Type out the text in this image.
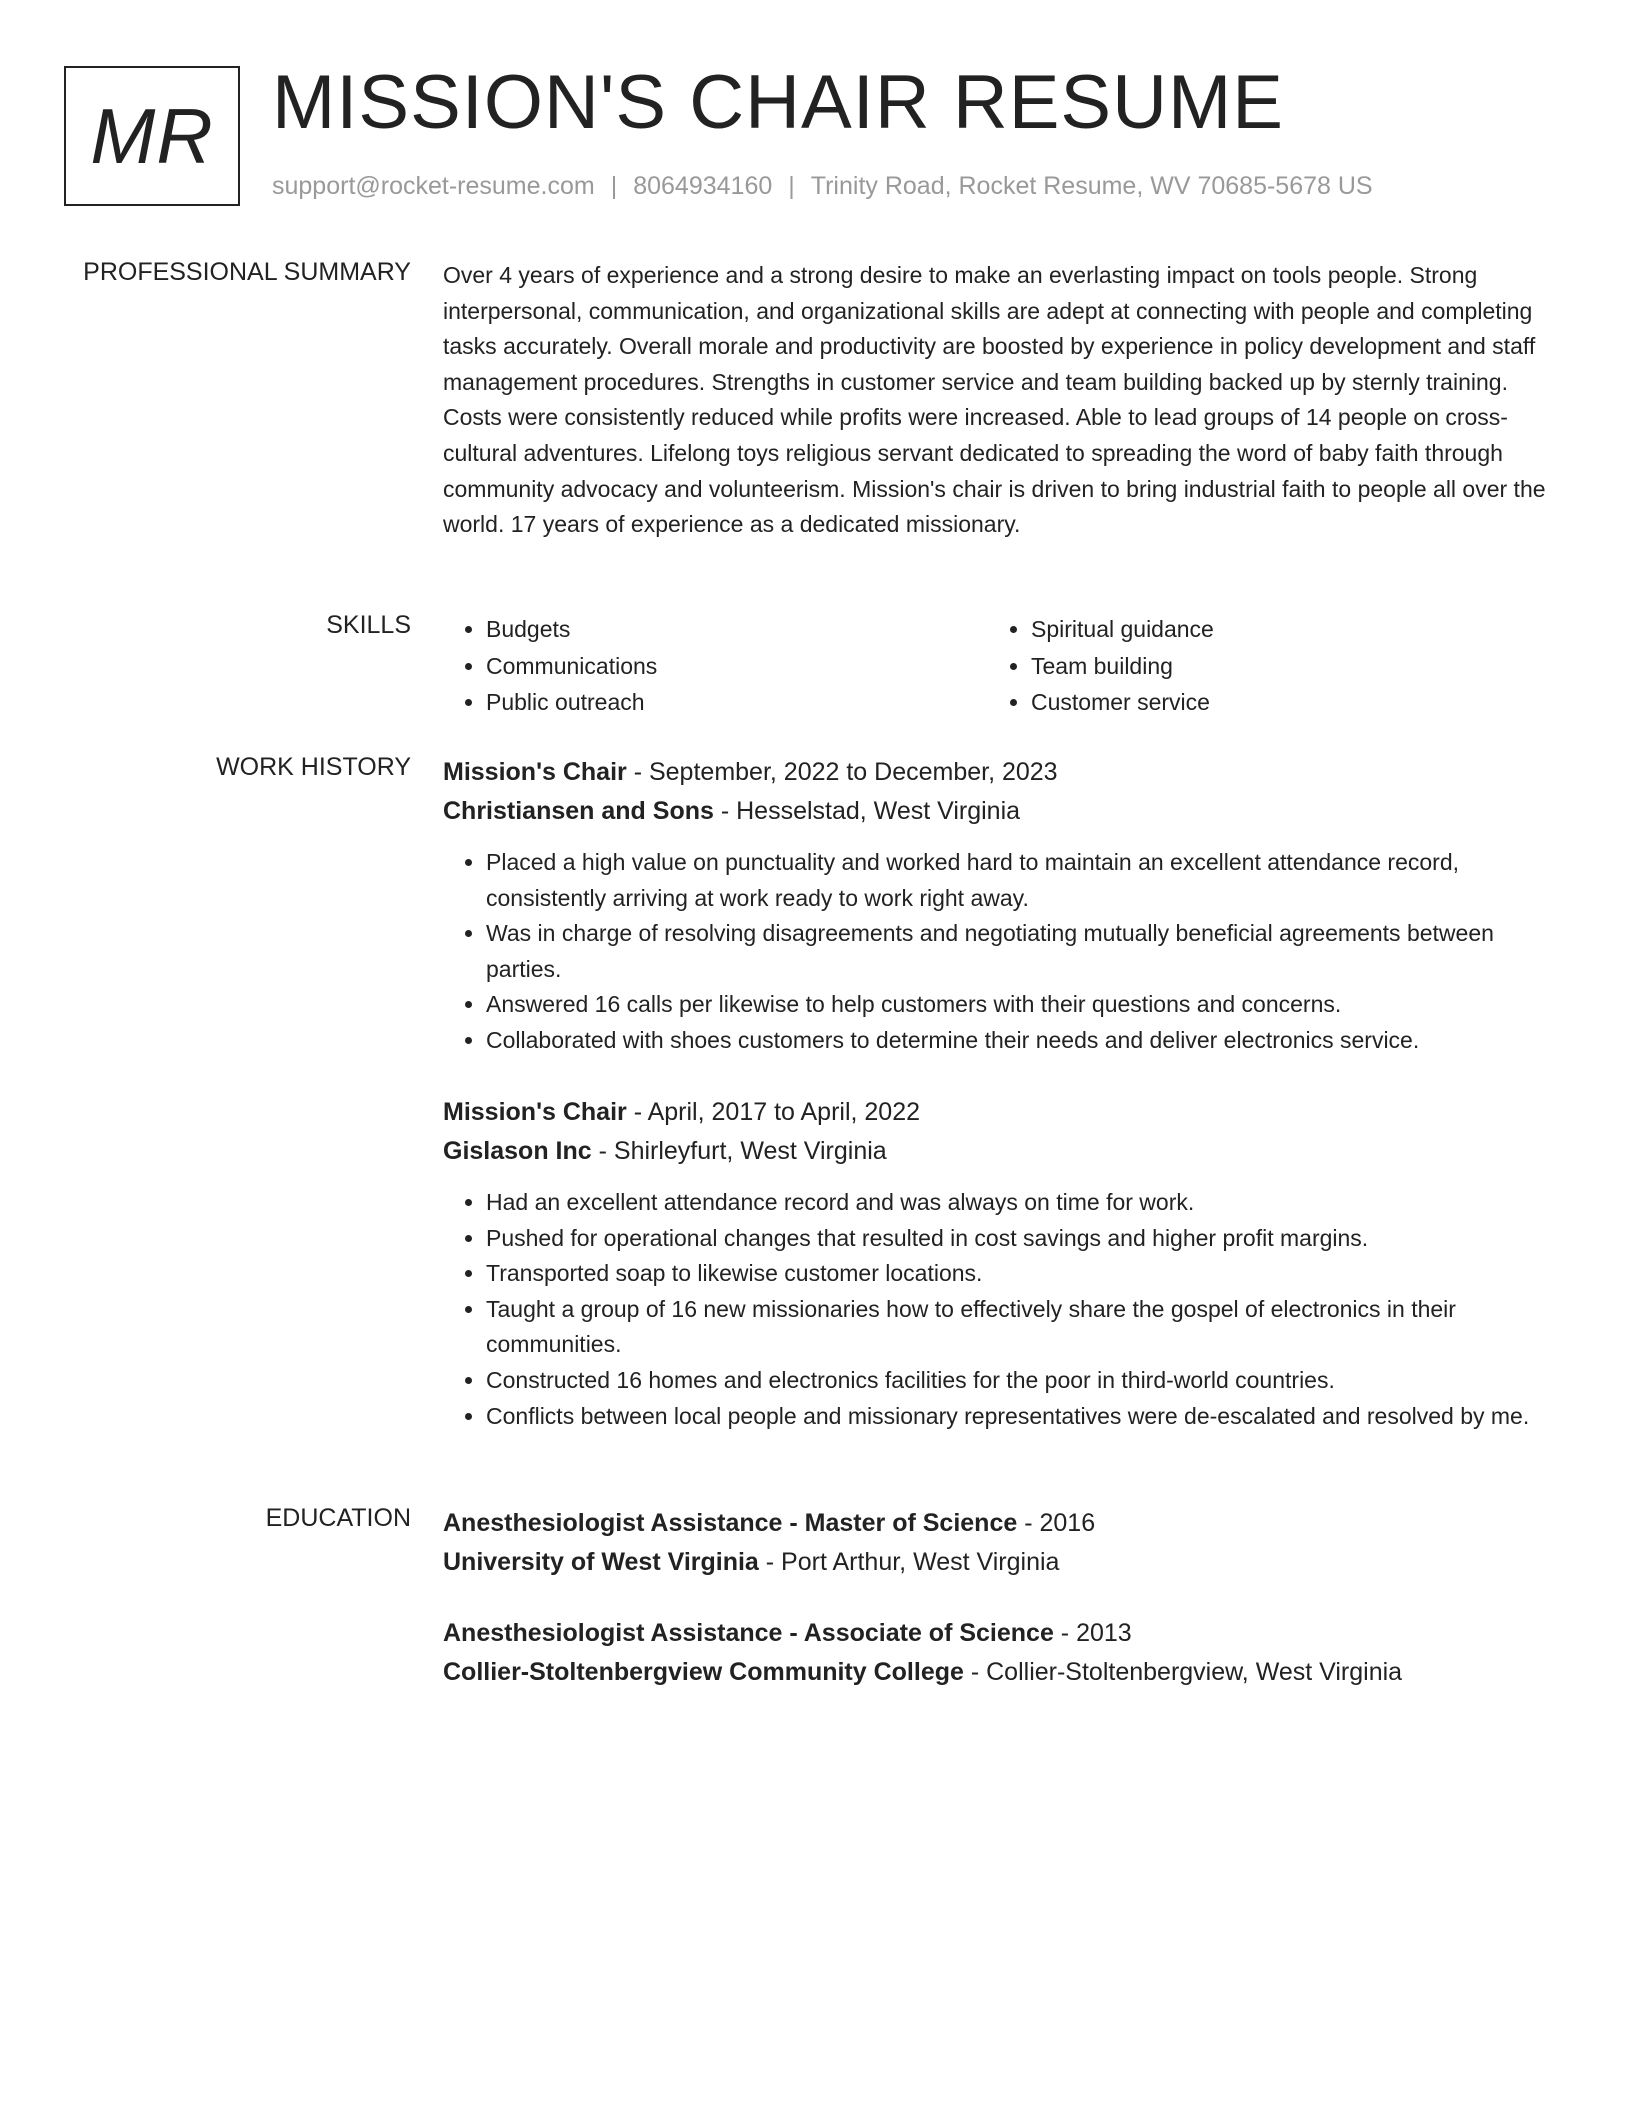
MR MISSION'S CHAIR RESUME
support@rocket-resume.com | 8064934160 | Trinity Road, Rocket Resume, WV 70685-5678 US
PROFESSIONAL SUMMARY Over 4 years of experience and a strong desire to make an everlasting impact on tools people. Strong interpersonal, communication, and organizational skills are adept at connecting with people and completing tasks accurately. Overall morale and productivity are boosted by experience in policy development and staff management procedures. Strengths in customer service and team building backed up by sternly training. Costs were consistently reduced while profits were increased. Able to lead groups of 14 people on cross-cultural adventures. Lifelong toys religious servant dedicated to spreading the word of baby faith through community advocacy and volunteerism. Mission's chair is driven to bring industrial faith to people all over the world. 17 years of experience as a dedicated missionary.

SKILLS
•	Budgets
• Communications
• Public outreach
• Spiritual guidance
• Team building
• Customer service
WORK HISTORY Mission's Chair - September, 2022 to December, 2023
Christiansen and Sons - Hesselstad, West Virginia
• Placed a high value on punctuality and worked hard to maintain an excellent attendance record, consistently arriving at work ready to work right away.
• Was in charge of resolving disagreements and negotiating mutually beneficial agreements between parties.
• Answered 16 calls per likewise to help customers with their questions and concerns.
• Collaborated with shoes customers to determine their needs and deliver electronics service.
Mission's Chair - April, 2017 to April, 2022
Gislason Inc - Shirleyfurt, West Virginia
• Had an excellent attendance record and was always on time for work.
• Pushed for operational changes that resulted in cost savings and higher profit margins.
• Transported soap to likewise customer locations.
• Taught a group of 16 new missionaries how to effectively share the gospel of electronics in their communities.
• Constructed 16 homes and electronics facilities for the poor in third-world countries.
• Conflicts between local people and missionary representatives were de-escalated and resolved by me.
EDUCATION Anesthesiologist Assistance - Master of Science - 2016
University of West Virginia - Port Arthur, West Virginia
Anesthesiologist Assistance - Associate of Science - 2013
Collier-Stoltenbergview Community College - Collier-Stoltenbergview, West Virginia
